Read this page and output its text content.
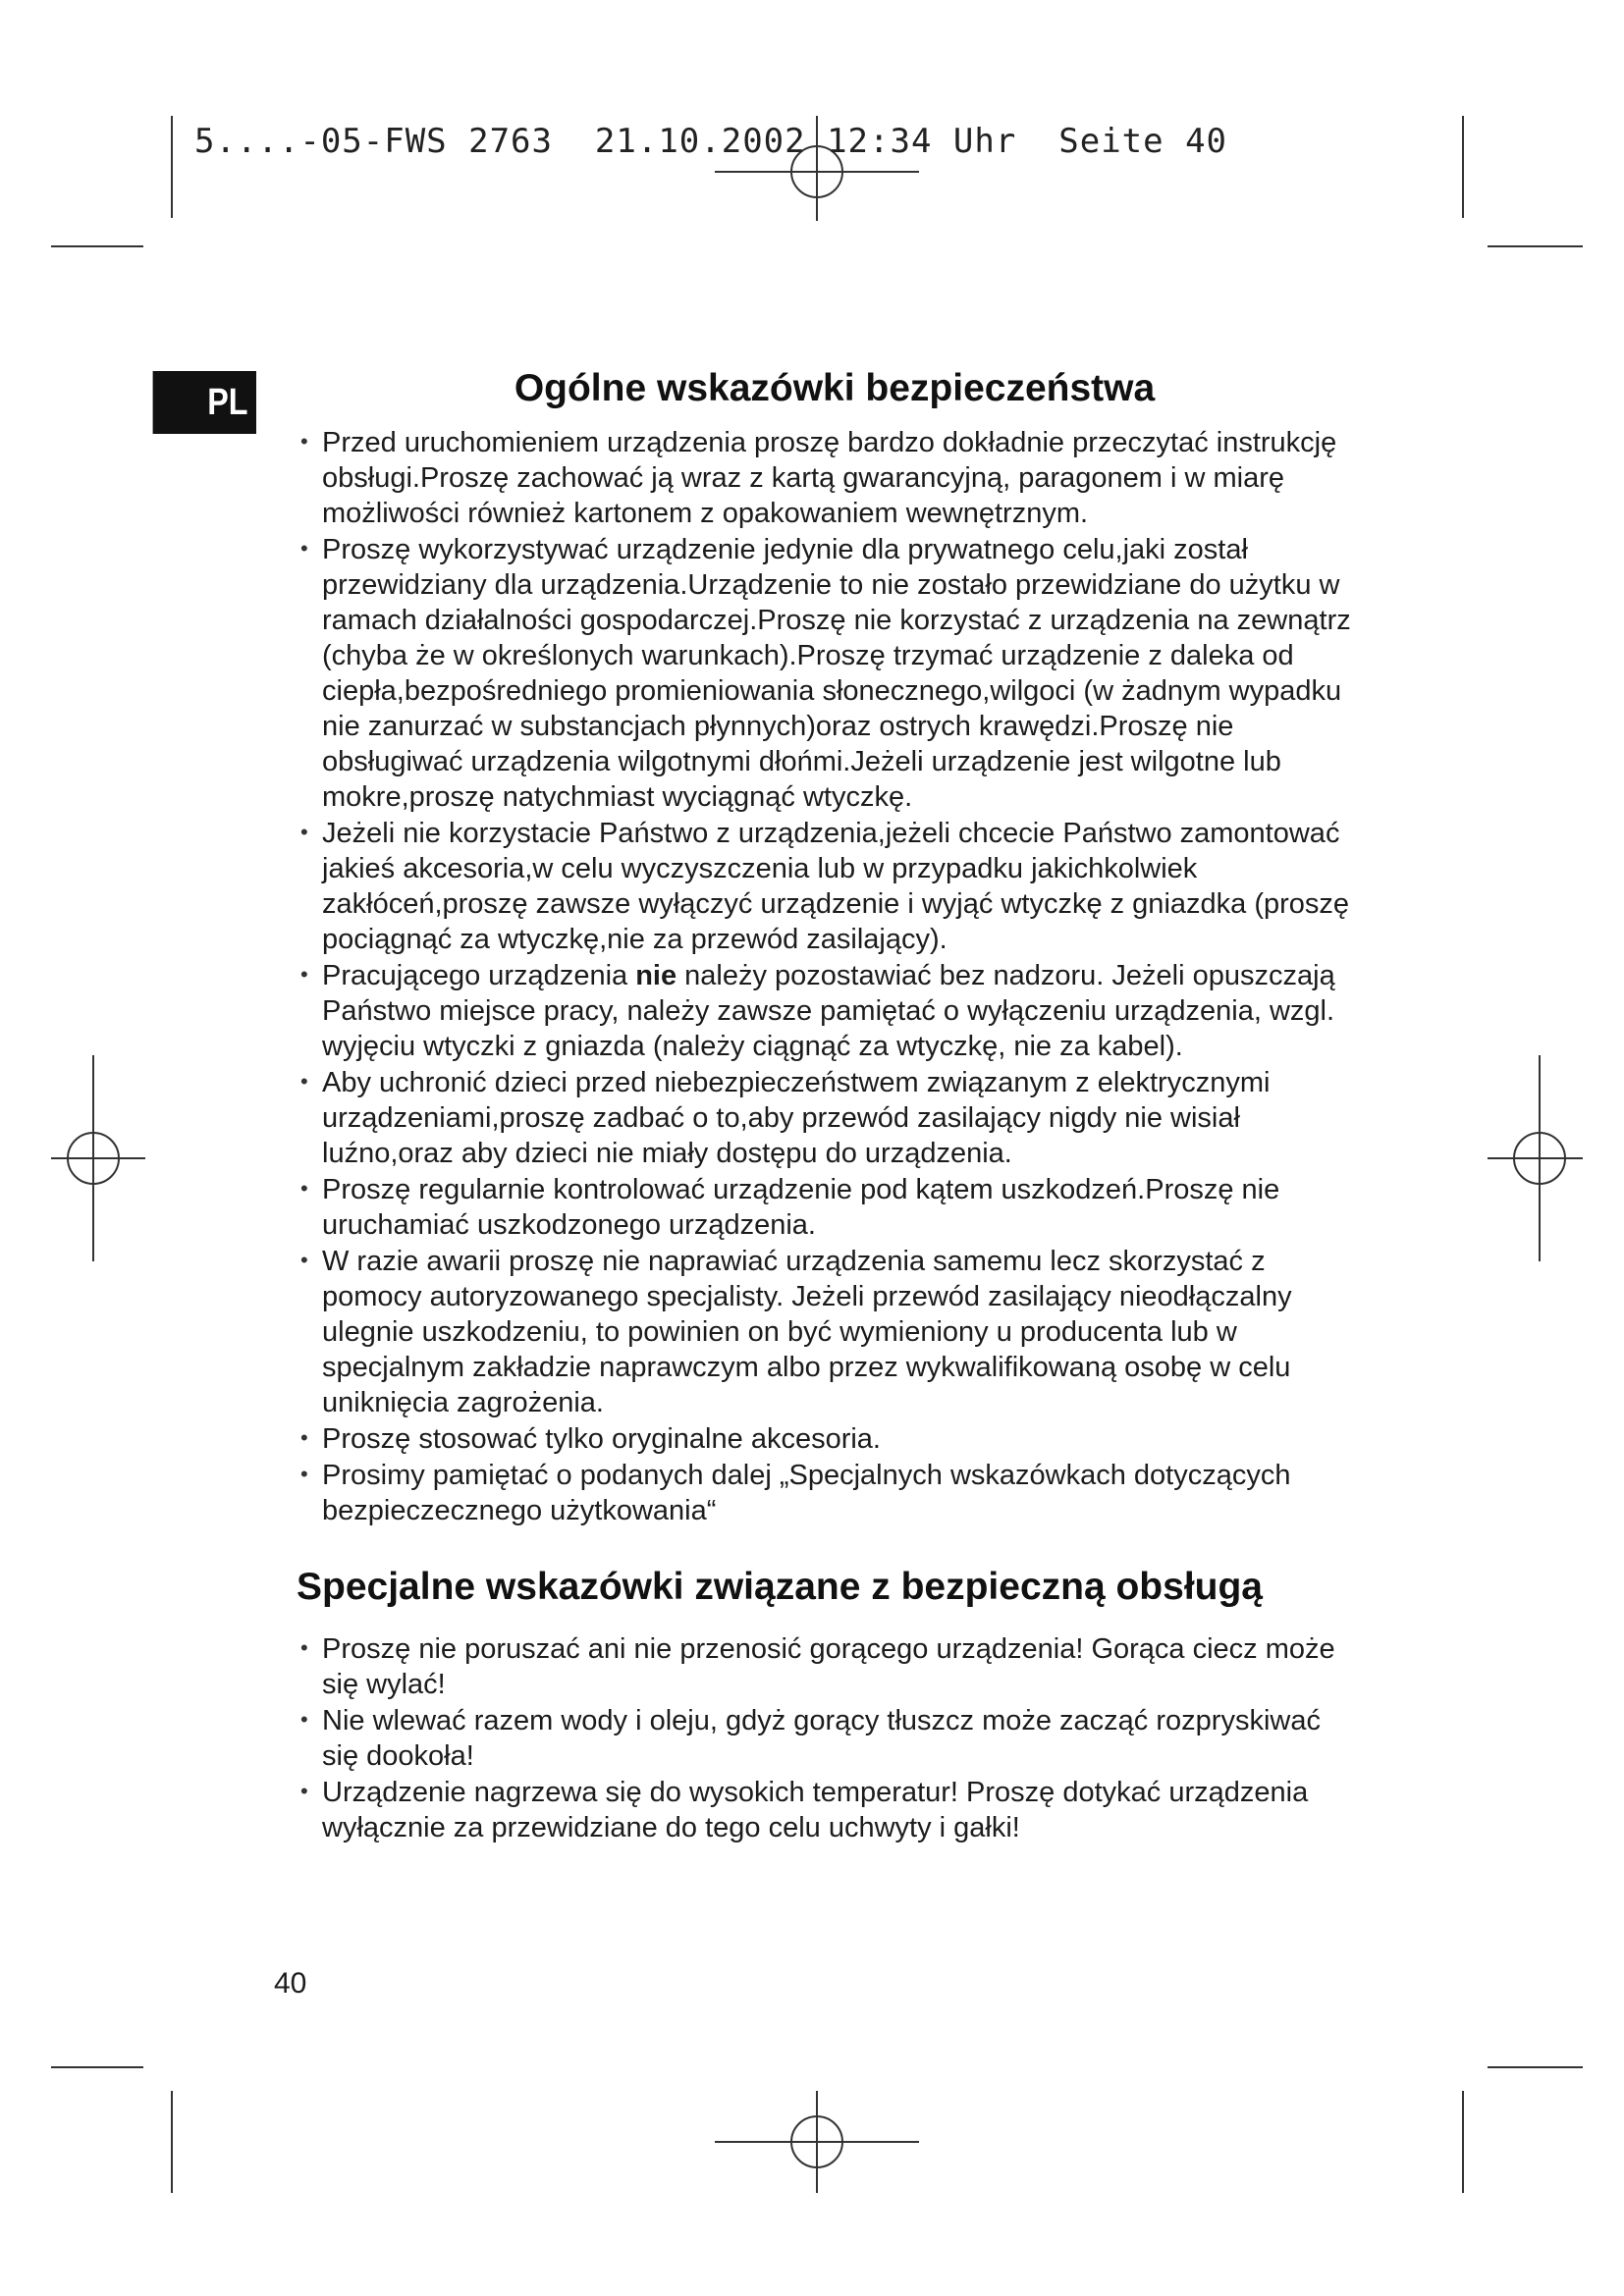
5....-05-FWS 2763  21.10.2002 12:34 Uhr  Seite 40
PL	Ogólne wskazówki bezpieczeństwa
• Przed uruchomieniem urządzenia proszę bardzo dokładnie przeczytać instrukcję obsługi.Proszę zachować ją wraz z kartą gwarancyjną, paragonem i w miarę możliwości również kartonem z opakowaniem wewnętrznym.
• Proszę wykorzystywać urządzenie jedynie dla prywatnego celu,jaki został przewidziany dla urządzenia.Urządzenie to nie zostało przewidziane do użytku w ramach działalności gospodarczej.Proszę nie korzystać z urządzenia na zewnątrz (chyba że w określonych warunkach).Proszę trzymać urządzenie z daleka od ciepła,bezpośredniego promieniowania słonecznego,wilgoci (w żadnym wypadku nie zanurzać w substancjach płynnych)oraz ostrych krawędzi.Proszę nie obsługiwać urządzenia wilgotnymi dłońmi.Jeżeli urządzenie jest wilgotne lub mokre,proszę natychmiast wyciągnąć wtyczkę.
• Jeżeli nie korzystacie Państwo z urządzenia,jeżeli chcecie Państwo zamontować jakieś akcesoria,w celu wyczyszczenia lub w przypadku jakichkolwiek zakłóceń,proszę zawsze wyłączyć urządzenie i wyjąć wtyczkę z gniazdka (proszę pociągnąć za wtyczkę,nie za przewód zasilający).
• Pracującego urządzenia nie należy pozostawiać bez nadzoru. Jeżeli opuszczają Państwo miejsce pracy, należy zawsze pamiętać o wyłączeniu urządzenia, wzgl. wyjęciu wtyczki z gniazda (należy ciągnąć za wtyczkę, nie za kabel).
• Aby uchronić dzieci przed niebezpieczeństwem związanym z elektrycznymi urządzeniami,proszę zadbać o to,aby przewód zasilający nigdy nie wisiał luźno,oraz aby dzieci nie miały dostępu do urządzenia.
• Proszę regularnie kontrolować urządzenie pod kątem uszkodzeń.Proszę nie uruchamiać uszkodzonego urządzenia.
• W razie awarii proszę nie naprawiać urządzenia samemu lecz skorzystać z pomocy autoryzowanego specjalisty. Jeżeli przewód zasilający nieodłączalny ulegnie uszkodzeniu, to powinien on być wymieniony u producenta lub w specjalnym zakładzie naprawczym albo przez wykwalifikowaną osobę w celu uniknięcia zagrożenia.
• Proszę stosować tylko oryginalne akcesoria.
• Prosimy pamiętać o podanych dalej „Specjalnych wskazówkach dotyczących bezpieczecznego użytkowania“
Specjalne wskazówki związane z bezpieczną obsługą
• Proszę nie poruszać ani nie przenosić gorącego urządzenia! Gorąca ciecz może się wylać!
• Nie wlewać razem wody i oleju, gdyż gorący tłuszcz może zacząć rozpryskiwać się dookoła!
• Urządzenie nagrzewa się do wysokich temperatur! Proszę dotykać urządzenia wyłącznie za przewidziane do tego celu uchwyty i gałki!
40
